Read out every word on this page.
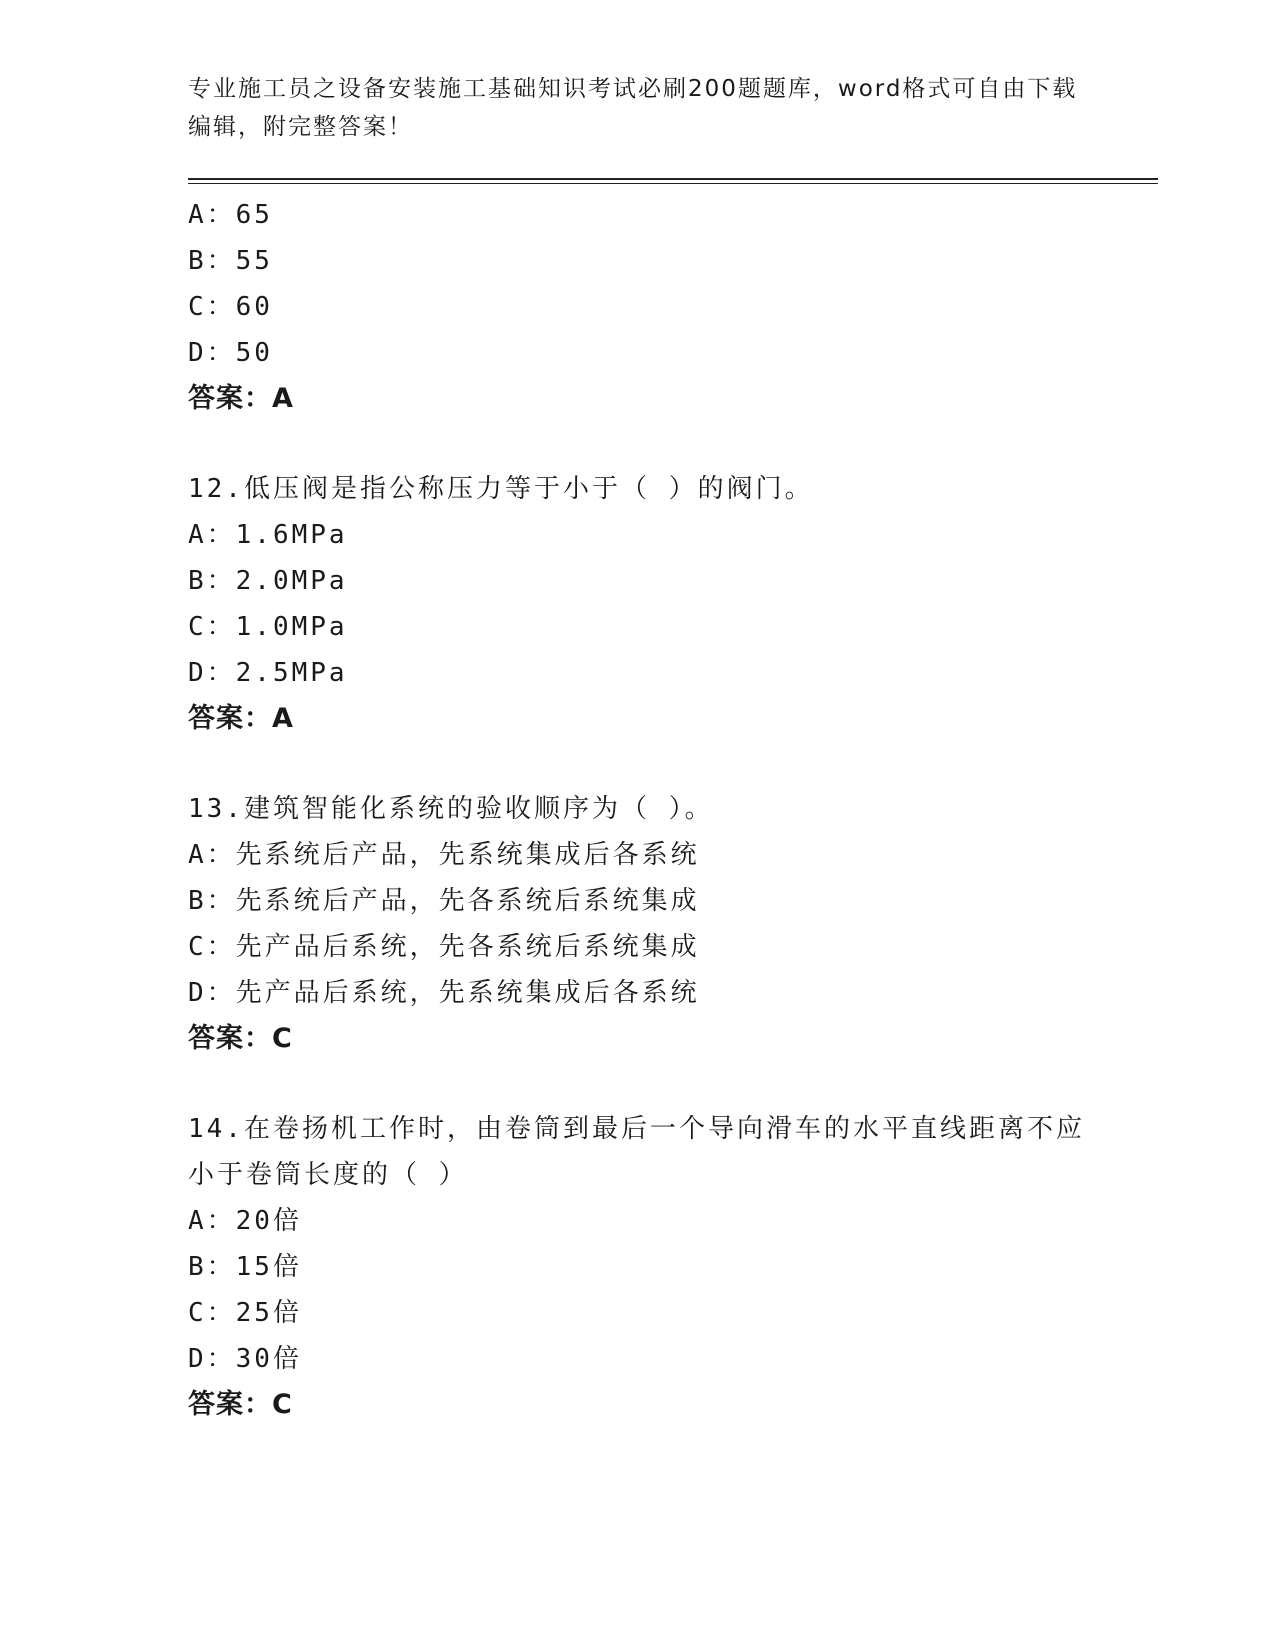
专业施工员之设备安装施工基础知识考试必刷200题题库，word格式可自由下载编辑，附完整答案！
A：65
B：55
C：60
D：50
答案：A
12.低压阀是指公称压力等于小于（ ）的阀门。
A：1.6MPa
B：2.0MPa
C：1.0MPa
D：2.5MPa
答案：A
13.建筑智能化系统的验收顺序为（ ）。
A：先系统后产品，先系统集成后各系统
B：先系统后产品，先各系统后系统集成
C：先产品后系统，先各系统后系统集成
D：先产品后系统，先系统集成后各系统
答案：C
14.在卷扬机工作时，由卷筒到最后一个导向滑车的水平直线距离不应小于卷筒长度的（ ）
A：20倍
B：15倍
C：25倍
D：30倍
答案：C
